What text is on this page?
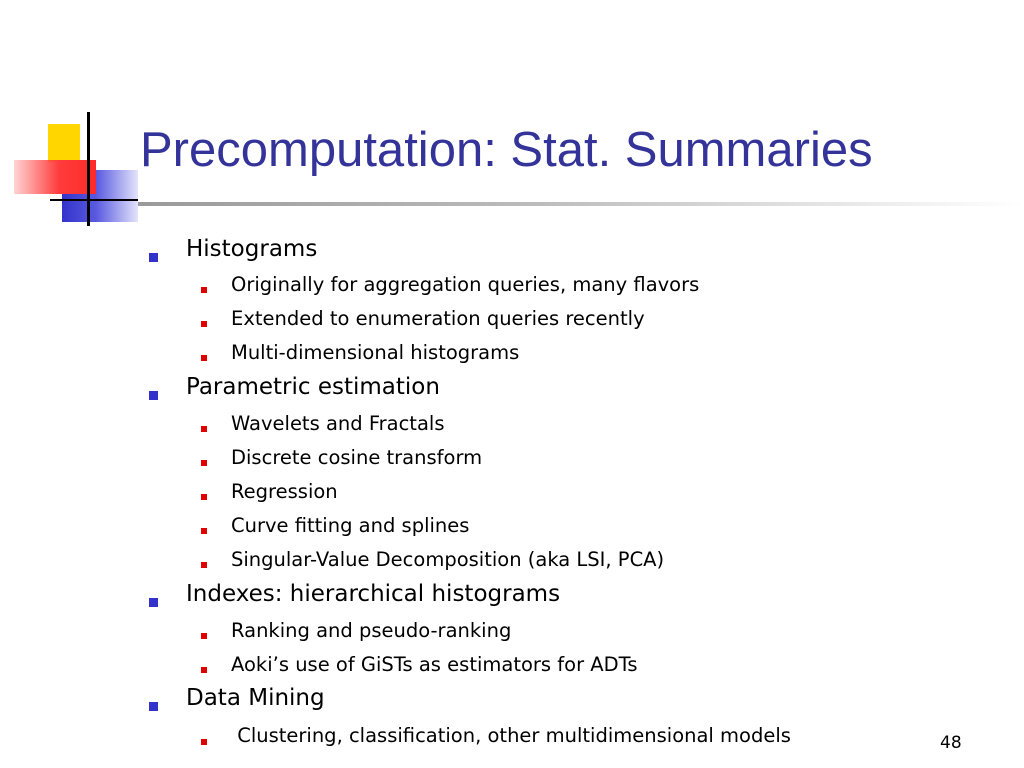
Precomputation: Stat. Summaries
Histograms
Originally for aggregation queries, many flavors
Extended to enumeration queries recently
Multi-dimensional histograms
Parametric estimation
Wavelets and Fractals
Discrete cosine transform
Regression
Curve fitting and splines
Singular-Value Decomposition (aka LSI, PCA)
Indexes: hierarchical histograms
Ranking and pseudo-ranking
Aoki’s use of GiSTs as estimators for ADTs
Data Mining
Clustering, classification, other multidimensional models	48
